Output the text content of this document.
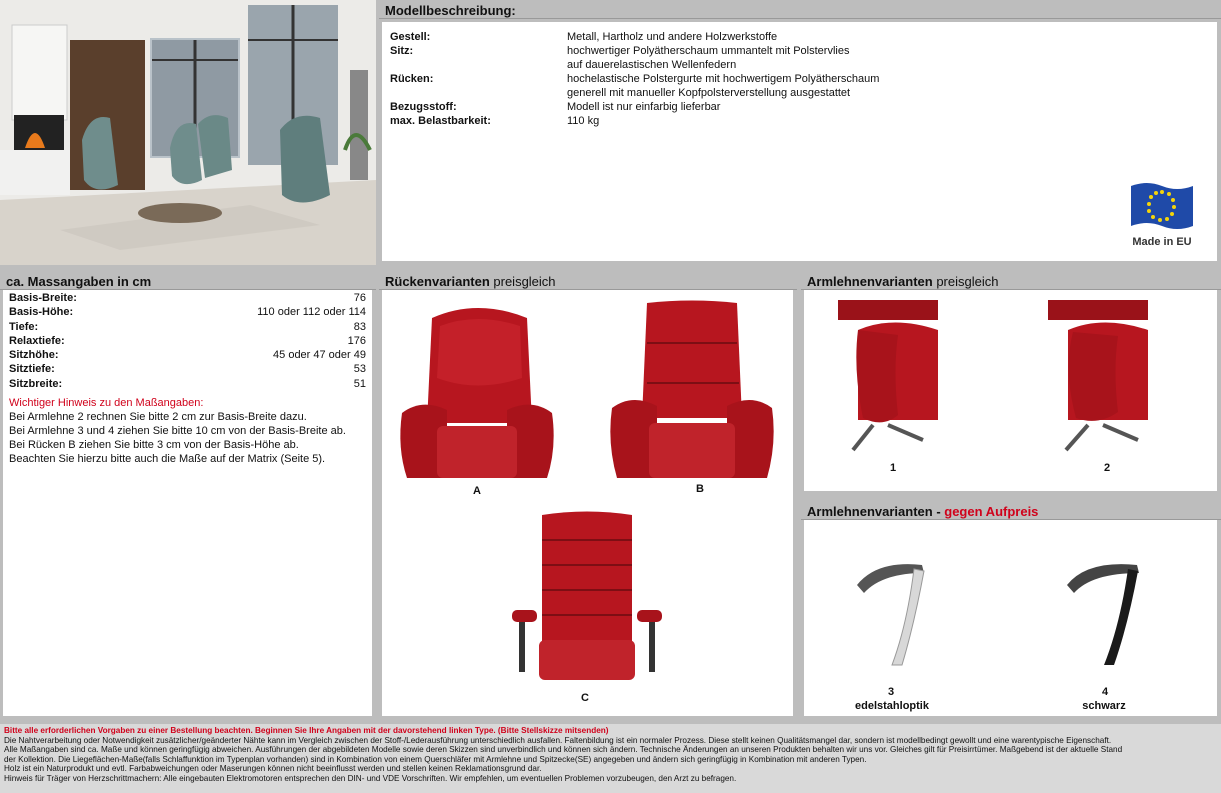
Modellbeschreibung:
Gestell:	Metall, Hartholz und andere Holzwerkstoffe
Sitz:	hochwertiger Polyätherschaum ummantelt mit Polstervlies
auf dauerelastischen Wellenfedern
Rücken:	hochelastische Polstergurte mit hochwertigem Polyätherschaum
generell mit manueller Kopfpolsterverstellung ausgestattet
Bezugsstoff:	Modell ist nur einfarbig lieferbar
max. Belastbarkeit:	110 kg
Made in EU
ca. Massangaben in cm
Basis-Breite:	76
Basis-Höhe:	110 oder 112 oder 114
Tiefe:	83
Relaxtiefe:	176
Sitzhöhe:	45 oder 47 oder 49
Sitztiefe:	53
Sitzbreite:	51
Wichtiger Hinweis zu den Maßangaben:
Bei Armlehne 2 rechnen Sie bitte 2 cm zur Basis-Breite dazu.
Bei Armlehne 3 und 4 ziehen Sie bitte 10 cm von der Basis-Breite ab.
Bei Rücken B ziehen Sie bitte 3 cm von der Basis-Höhe ab.
Beachten Sie hierzu bitte auch die Maße auf der Matrix (Seite 5).
Rückenvarianten preisgleich
A	B
C
Armlehnenvarianten preisgleich
1	2
Armlehnenvarianten - gegen Aufpreis
3
edelstahloptik
4
schwarz
Bitte alle erforderlichen Vorgaben zu einer Bestellung beachten. Beginnen Sie Ihre Angaben mit der davorstehend linken Type. (Bitte Stellskizze mitsenden)
Die Nahtverarbeitung oder Notwendigkeit zusätzlicher/geänderter Nähte kann im Vergleich zwischen der Stoff-/Lederausführung unterschiedlich ausfallen. Faltenbildung ist ein normaler Prozess. Diese stellt keinen Qualitätsmangel dar, sondern ist modellbedingt gewollt und eine warentypische Eigenschaft.
Alle Maßangaben sind ca. Maße und können geringfügig abweichen. Ausführungen der abgebildeten Modelle sowie deren Skizzen sind unverbindlich und können sich ändern. Technische Änderungen an unseren Produkten behalten wir uns vor. Gleiches gilt für Preisirrtümer. Maßgebend ist der aktuelle Stand
der Kollektion. Die Liegeflächen-Maße(falls Schlaffunktion im Typenplan vorhanden) sind in Kombination von einem Querschläfer mit Armlehne und Spitzecke(SE) angegeben und ändern sich geringfügig in Kombination mit anderen Typen.
Holz ist ein Naturprodukt und evtl. Farbabweichungen oder Maserungen können nicht beeinflusst werden und stellen keinen Reklamationsgrund dar.
Hinweis für Träger von Herzschrittmachern: Alle eingebauten Elektromotoren entsprechen den DIN- und VDE Vorschriften. Wir empfehlen, um eventuellen Problemen vorzubeugen, den Arzt zu befragen.
